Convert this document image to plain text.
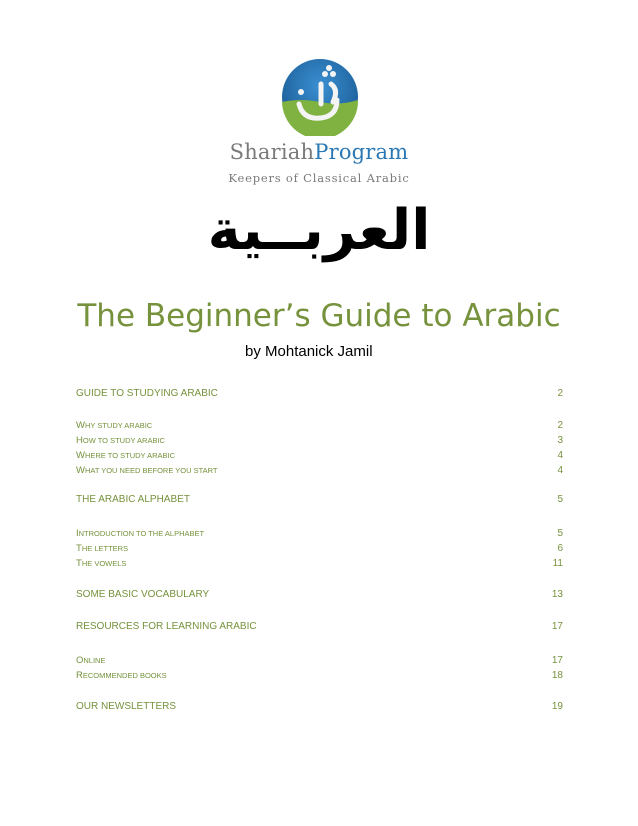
ShariahProgram
Keepers of Classical Arabic
العربــية
The Beginner’s Guide to Arabic
by Mohtanick Jamil
GUIDE TO STUDYING ARABIC	2
WHY STUDY ARABIC	2
HOW TO STUDY ARABIC	3
WHERE TO STUDY ARABIC	4
WHAT YOU NEED BEFORE YOU START	4
THE ARABIC ALPHABET	5
INTRODUCTION TO THE ALPHABET	5
THE LETTERS	6
THE VOWELS	11
SOME BASIC VOCABULARY	13
RESOURCES FOR LEARNING ARABIC	17
ONLINE	17
RECOMMENDED BOOKS	18
OUR NEWSLETTERS	19
